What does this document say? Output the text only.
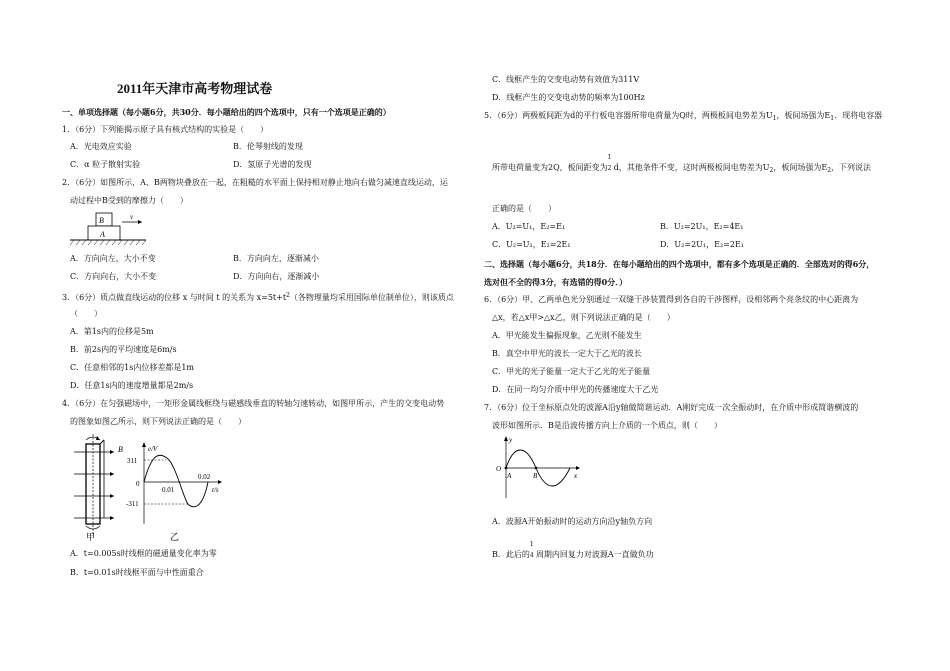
2011年天津市高考物理试卷
一、单项选择题（每小题6分，共30分．每小题给出的四个选项中，只有一个选项是正确的）
1．（6分）下列能揭示原子具有核式结构的实验是（　　）
A．光电效应实验	B．伦琴射线的发现
C．α 粒子散射实验	D．氢原子光谱的发现
2．（6分）如图所示，A、B两物块叠放在一起，在粗糙的水平面上保持相对静止地向右做匀减速直线运动，运
动过程中B受到的摩擦力（　　）
B
A
v
A．方向向左，大小不变	B．方向向左，逐渐减小
C．方向向右，大小不变	D．方向向右，逐渐减小
3．（6分）质点做直线运动的位移 x 与时间 t 的关系为 $x=5t+t^2$（各物理量均采用国际单位制单位），则该质点
（　　）
A．第1s内的位移是5m
B．前2s内的平均速度是6m/s
C．任意相邻的1s内位移差都是1m
D．任意1s内的速度增量都是2m/s
4．（6分）在匀强磁场中，一矩形金属线框绕与磁感线垂直的转轴匀速转动，如图甲所示，产生的交变电动势
的图象如图乙所示，则下列说法正确的是（　　）
B
甲
e/V
t/s
311
-311
0
0.01
0.02
乙
A．t=0.005s时线框的磁通量变化率为零
B．t=0.01s时线框平面与中性面重合
C．线框产生的交变电动势有效值为311V
D．线框产生的交变电动势的频率为100Hz
5．（6分）两极板间距为d的平行板电容器所带电荷量为Q时，两极板间电势差为$U_1$，板间场强为$E_1$．现将电容器
所带电荷量变为2Q，板间距变为
1
2 d，其他条件不变，这时两极板间电势差为$U_2$，板间场强为$E_2$，下列说法
正确的是（　　）
A．U₂=U₁，E₂=E₁	B．U₂=2U₁，E₂=4E₁
C．U₂=U₁，E₂=2E₁	D．U₂=2U₁，E₂=2E₁
二、选择题（每小题6分，共18分．在每小题给出的四个选项中，都有多个选项是正确的．全部选对的得6分，
选对但不全的得3分，有选错的得0分．）
6．（6分）甲、乙两单色光分别通过一双缝干涉装置得到各自的干涉图样，设相邻两个亮条纹的中心距离为
△x，若△x甲>△x乙，则下列说法正确的是（　　）
A．甲光能发生偏振现象，乙光则不能发生
B．真空中甲光的波长一定大于乙光的波长
C．甲光的光子能量一定大于乙光的光子能量
D．在同一均匀介质中甲光的传播速度大于乙光
7．（6分）位于坐标原点处的波源A沿y轴做简谐运动．A刚好完成一次全振动时，在介质中形成简谐横波的
波形如图所示．B是沿波传播方向上介质的一个质点，则（　　）
y
x
O
A	B
A．波源A开始振动时的运动方向沿y轴负方向
B．此后的
1
4 周期内回复力对波源A一直做负功
